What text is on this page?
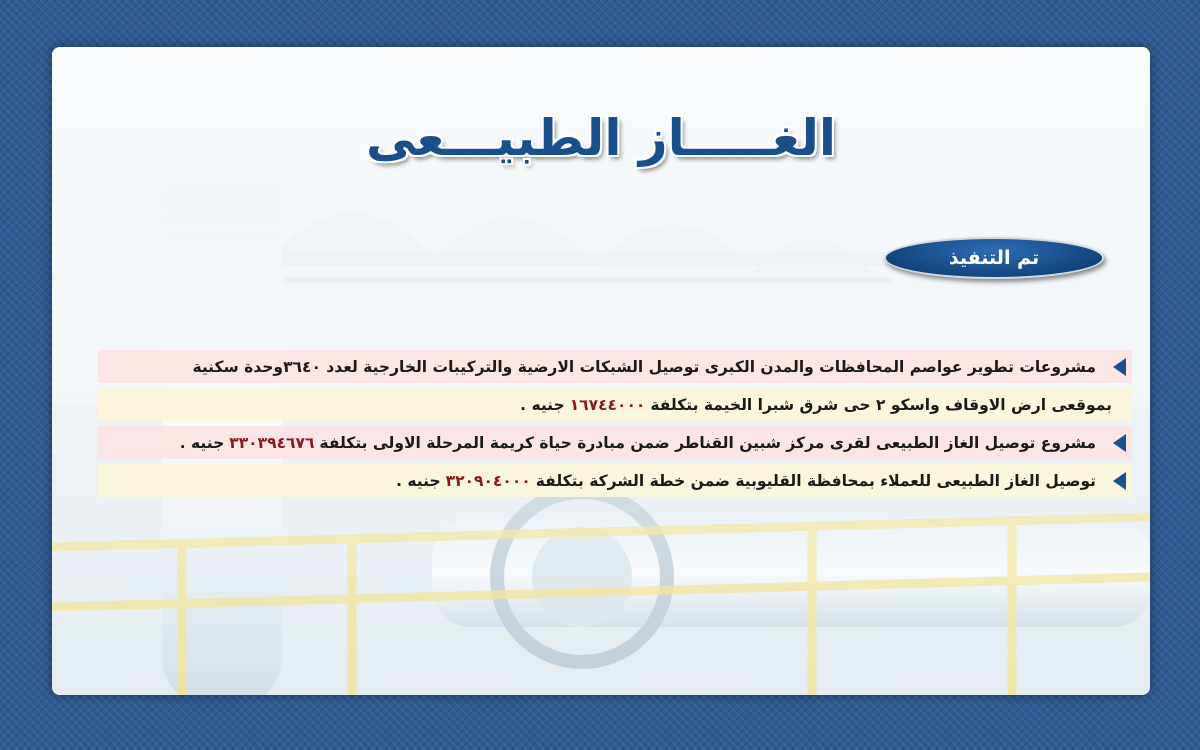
الغـــــاز الطبيـــعى
تم التنفيذ
مشروعات تطوير عواصم المحافظات والمدن الكبرى توصيل الشبكات الارضية والتركيبات الخارجية لعدد ٣٦٤٠وحدة سكنية
بموقعى ارض الاوقاف واسكو ٢ حى شرق شبرا الخيمة بتكلفة
١٦٧٤٤٠٠٠
جنيه .
مشروع توصيل الغاز الطبيعى لقرى مركز شبين القناطر ضمن مبادرة حياة كريمة المرحلة الاولى بتكلفة
٣٣٠٣٩٤٦٧٦
جنيه .
توصيل الغاز الطبيعى للعملاء بمحافظة القليوبية ضمن خطة الشركة بتكلفة
٣٢٠٩٠٤٠٠٠
جنيه .
